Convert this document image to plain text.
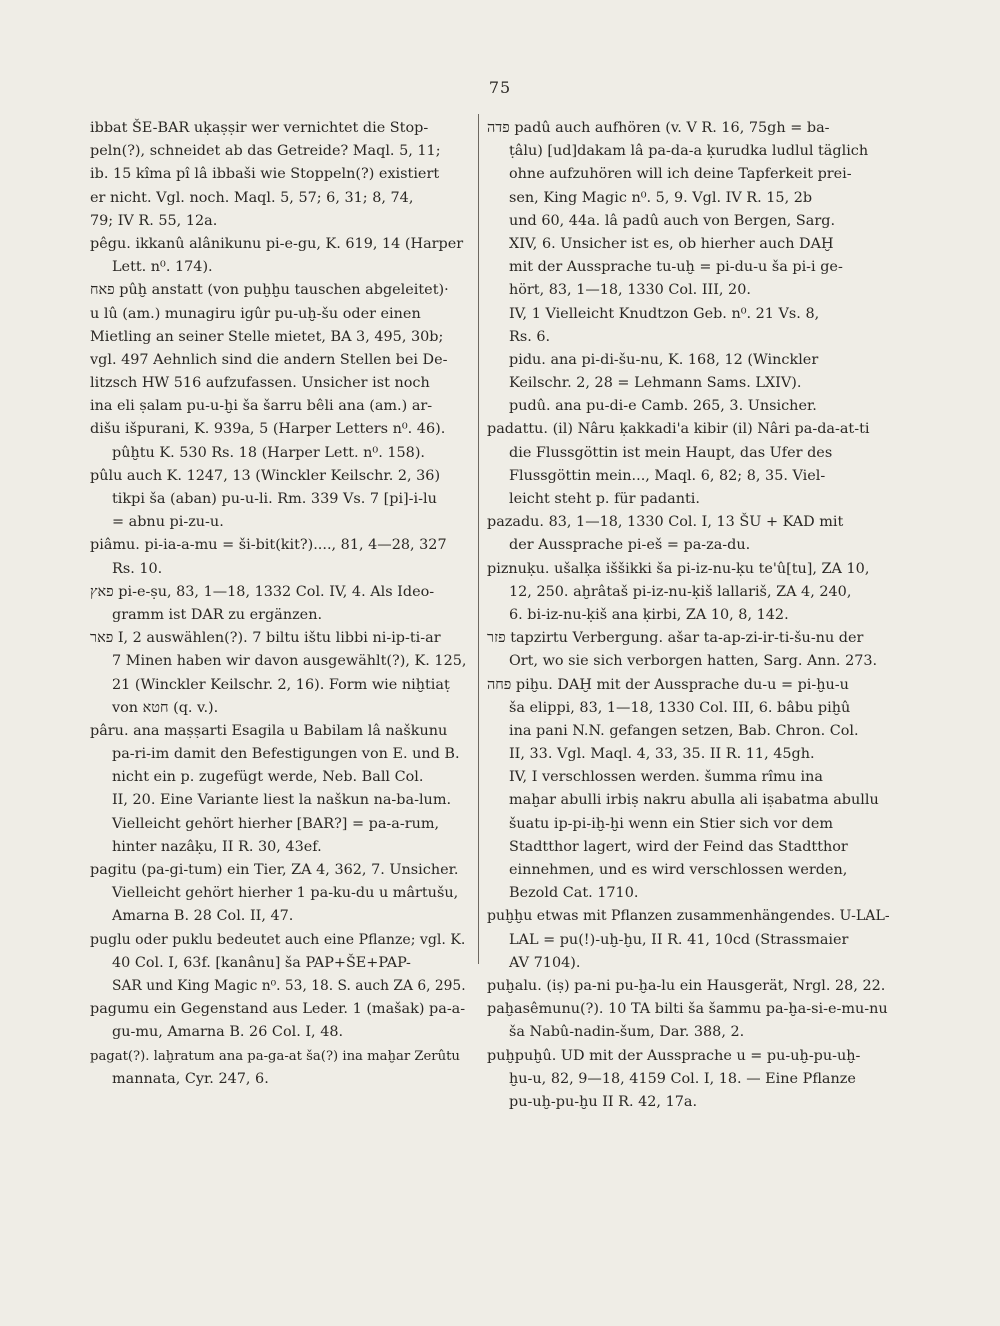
75
ibbat ŠE-BAR uḳaṣṣir wer vernichtet die Stop-
peln(?), schneidet ab das Getreide? Maql. 5, 11;
ib. 15 kîma pî lâ ibbaši wie Stoppeln(?) existiert
er nicht. Vgl. noch. Maql. 5, 57; 6, 31; 8, 74,
79; IV R. 55, 12a.
pêgu. ikkanû alânikunu pi-e-gu, K. 619, 14 (Harper
Lett. n⁰. 174).
פאח pûḫ anstatt (von puḫḫu tauschen abgeleitet)·
u lû (am.) munagiru igûr pu-uḫ-šu oder einen
Mietling an seiner Stelle mietet, BA 3, 495, 30b;
vgl. 497 Aehnlich sind die andern Stellen bei De-
litzsch HW 516 aufzufassen. Unsicher ist noch
ina eli ṣalam pu-u-ḫi ša šarru bêli ana (am.) ar-
dišu išpurani, K. 939a, 5 (Harper Letters n⁰. 46).
pûḫtu K. 530 Rs. 18 (Harper Lett. n⁰. 158).
pûlu auch K. 1247, 13 (Winckler Keilschr. 2, 36)
tikpi ša (aban) pu-u-li. Rm. 339 Vs. 7 [pi]-i-lu
= abnu pi-zu-u.
piâmu. pi-ia-a-mu = ši-bit(kit?)...., 81, 4—28, 327
Rs. 10.
פאץ pi-e-ṣu, 83, 1—18, 1332 Col. IV, 4. Als Ideo-
gramm ist DAR zu ergänzen.
פאר I, 2 auswählen(?). 7 biltu ištu libbi ni-ip-ti-ar
7 Minen haben wir davon ausgewählt(?), K. 125,
21 (Winckler Keilschr. 2, 16). Form wie niḫtiaṭ
von חטא (q. v.).
pâru. ana maṣṣarti Esagila u Babilam lâ naškunu
pa-ri-im damit den Befestigungen von E. und B.
nicht ein p. zugefügt werde, Neb. Ball Col.
II, 20. Eine Variante liest la naškun na-ba-lum.
Vielleicht gehört hierher [BAR?] = pa-a-rum,
hinter nazâḳu, II R. 30, 43ef.
pagitu (pa-gi-tum) ein Tier, ZA 4, 362, 7. Unsicher.
Vielleicht gehört hierher 1 pa-ku-du u mârtušu,
Amarna B. 28 Col. II, 47.
puglu oder puklu bedeutet auch eine Pflanze; vgl. K.
40 Col. I, 63f. [kanânu] ša PAP+ŠE+PAP-
SAR und King Magic n⁰. 53, 18. S. auch ZA 6, 295.
pagumu ein Gegenstand aus Leder. 1 (mašak) pa-a-
gu-mu, Amarna B. 26 Col. I, 48.
pagat(?). laḫratum ana pa-ga-at ša(?) ina maḫar Zerûtu
mannata, Cyr. 247, 6.
פדה padû auch aufhören (v. V R. 16, 75gh = ba-
ṭâlu) [ud]dakam lâ pa-da-a ḳurudka ludlul täglich
ohne aufzuhören will ich deine Tapferkeit prei-
sen, King Magic n⁰. 5, 9. Vgl. IV R. 15, 2b
und 60, 44a. lâ padû auch von Bergen, Sarg.
XIV, 6. Unsicher ist es, ob hierher auch DAḪ
mit der Aussprache tu-uḫ = pi-du-u ša pi-i ge-
hört, 83, 1—18, 1330 Col. III, 20.
IV, 1 Vielleicht Knudtzon Geb. n⁰. 21 Vs. 8,
Rs. 6.
pidu. ana pi-di-šu-nu, K. 168, 12 (Winckler
Keilschr. 2, 28 = Lehmann Sams. LXIV).
pudû. ana pu-di-e Camb. 265, 3. Unsicher.
padattu. (il) Nâru ḳakkadi'a kibir (il) Nâri pa-da-at-ti
die Flussgöttin ist mein Haupt, das Ufer des
Flussgöttin mein..., Maql. 6, 82; 8, 35. Viel-
leicht steht p. für padanti.
pazadu. 83, 1—18, 1330 Col. I, 13 ŠU + KAD mit
der Aussprache pi-eš = pa-za-du.
piznuḳu. ušalḳa iššikki ša pi-iz-nu-ḳu te'û[tu], ZA 10,
12, 250. aḫrâtaš pi-iz-nu-ḳiš lallariš, ZA 4, 240,
6. bi-iz-nu-ḳiš ana ḳirbi, ZA 10, 8, 142.
פזר tapzirtu Verbergung. ašar ta-ap-zi-ir-ti-šu-nu der
Ort, wo sie sich verborgen hatten, Sarg. Ann. 273.
פחה piḫu. DAḪ mit der Aussprache du-u = pi-ḫu-u
ša elippi, 83, 1—18, 1330 Col. III, 6. bâbu piḫû
ina pani N.N. gefangen setzen, Bab. Chron. Col.
II, 33. Vgl. Maql. 4, 33, 35. II R. 11, 45gh.
IV, I verschlossen werden. šumma rîmu ina
maḫar abulli irbiṣ nakru abulla ali iṣabatma abullu
šuatu ip-pi-iḫ-ḫi wenn ein Stier sich vor dem
Stadtthor lagert, wird der Feind das Stadtthor
einnehmen, und es wird verschlossen werden,
Bezold Cat. 1710.
puḫḫu etwas mit Pflanzen zusammenhängendes. U-LAL-
LAL = pu(!)-uḫ-ḫu, II R. 41, 10cd (Strassmaier
AV 7104).
puḫalu. (iṣ) pa-ni pu-ḫa-lu ein Hausgerät, Nrgl. 28, 22.
paḫasêmunu(?). 10 TA bilti ša šammu pa-ḫa-si-e-mu-nu
ša Nabû-nadin-šum, Dar. 388, 2.
puḫpuḫû. UD mit der Aussprache u = pu-uḫ-pu-uḫ-
ḫu-u, 82, 9—18, 4159 Col. I, 18. — Eine Pflanze
pu-uḫ-pu-ḫu II R. 42, 17a.
